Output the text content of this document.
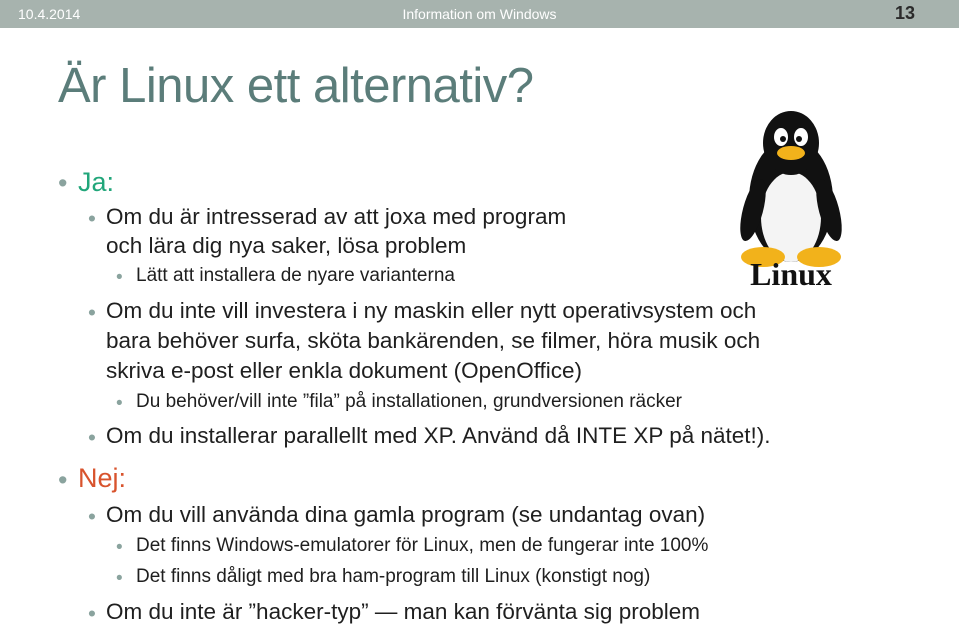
10.4.2014	Information om Windows	13
Är Linux ett alternativ?
Linux
• Ja:
• Om du är intresserad av att joxa med program
och lära dig nya saker, lösa problem
• Lätt att installera de nyare varianterna
• Om du inte vill investera i ny maskin eller nytt operativsystem och
bara behöver surfa, sköta bankärenden, se filmer, höra musik och
skriva e-post eller enkla dokument (OpenOffice)
• Du behöver/vill inte ”fila” på installationen, grundversionen räcker
• Om du installerar parallellt med XP. Använd då INTE XP på nätet!).
• Nej:
• Om du vill använda dina gamla program (se undantag ovan)
• Det finns Windows-emulatorer för Linux, men de fungerar inte 100%
• Det finns dåligt med bra ham-program till Linux (konstigt nog)
• Om du inte är ”hacker-typ” — man kan förvänta sig problem
